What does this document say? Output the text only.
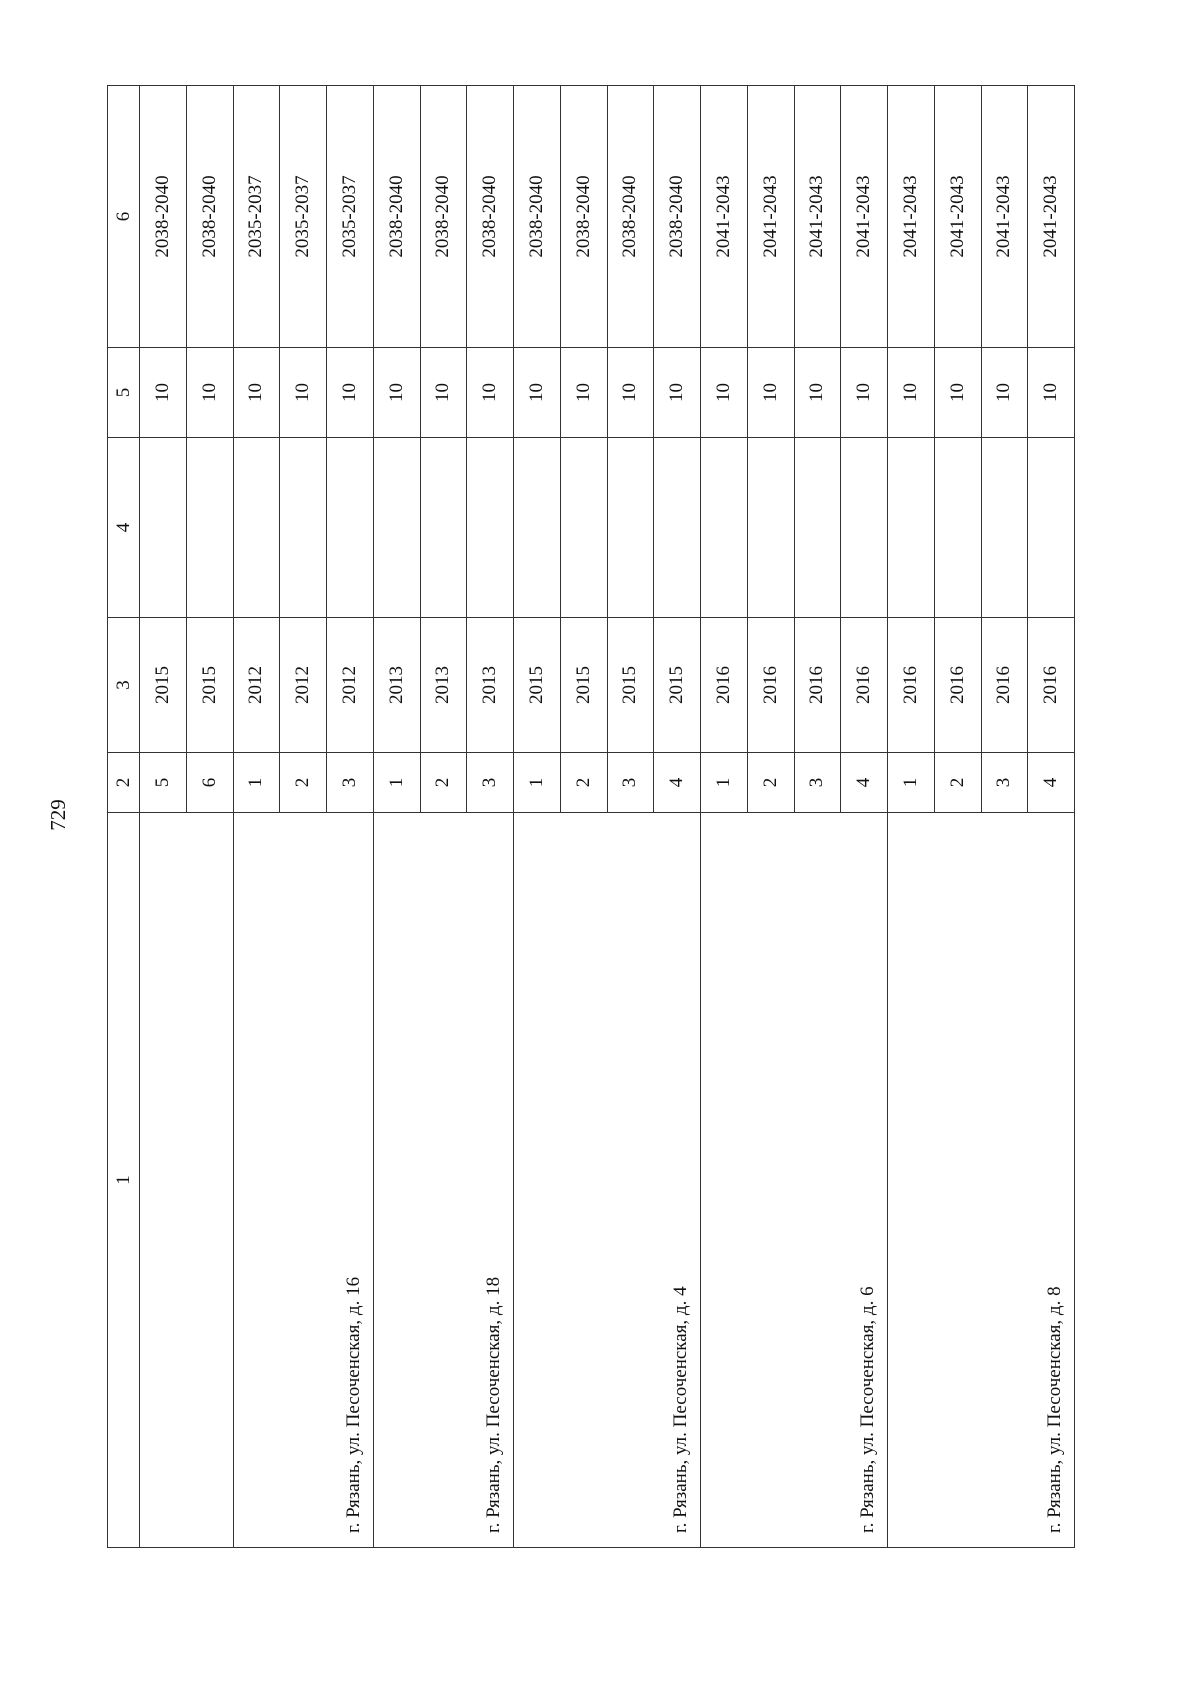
729
1	2	3	4	5	6
	5	2015		10	2038-2040
	6	2015		10	2038-2040
г. Рязань, ул. Песоченская, д. 16	1	2012		10	2035-2037
	2	2012		10	2035-2037
	3	2012		10	2035-2037
г. Рязань, ул. Песоченская, д. 18	1	2013		10	2038-2040
	2	2013		10	2038-2040
	3	2013		10	2038-2040
г. Рязань, ул. Песоченская, д. 4	1	2015		10	2038-2040
	2	2015		10	2038-2040
	3	2015		10	2038-2040
	4	2015		10	2038-2040
г. Рязань, ул. Песоченская, д. 6	1	2016		10	2041-2043
	2	2016		10	2041-2043
	3	2016		10	2041-2043
	4	2016		10	2041-2043
г. Рязань, ул. Песоченская, д. 8	1	2016		10	2041-2043
	2	2016		10	2041-2043
	3	2016		10	2041-2043
	4	2016		10	2041-2043
